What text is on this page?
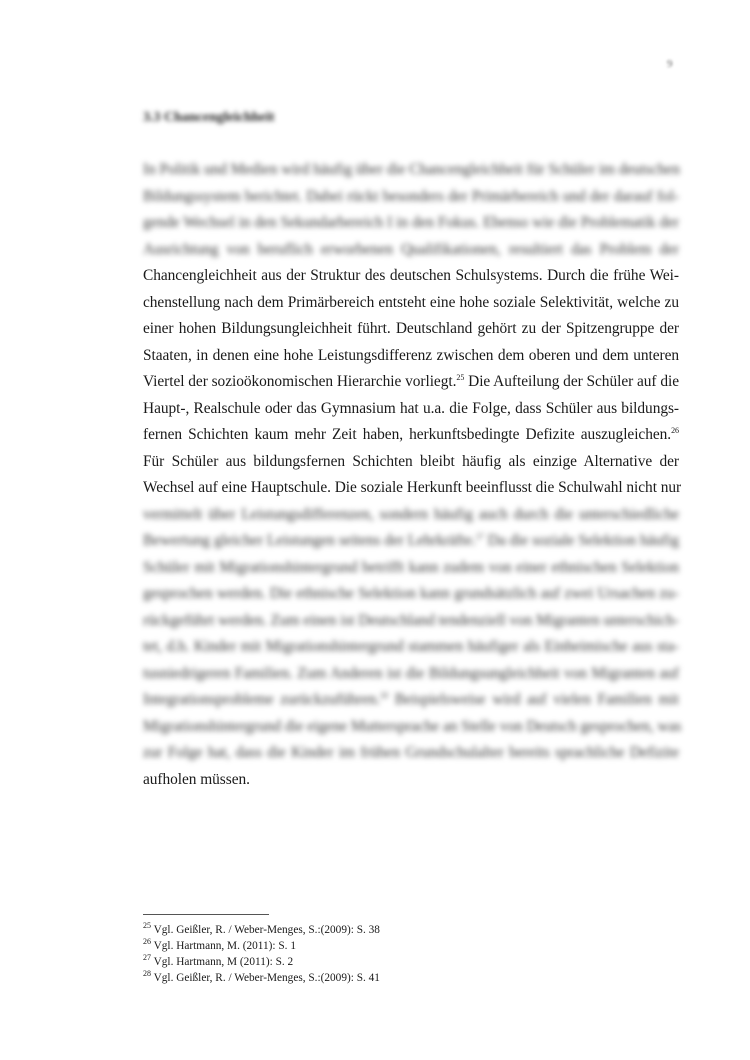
9
3.3 Chancengleichheit
In Politik und Medien wird häufig über die Chancengleichheit für Schüler im deutschen
Bildungssystem berichtet. Dabei rückt besonders der Primärbereich und der darauf fol-
gende Wechsel in den Sekundarbereich I in den Fokus. Ebenso wie die Problematik der
Ausrichtung von beruflich erworbenen Qualifikationen, resultiert das Problem der
Chancengleichheit aus der Struktur des deutschen Schulsystems. Durch die frühe Wei-
chenstellung nach dem Primärbereich entsteht eine hohe soziale Selektivität, welche zu
einer hohen Bildungsungleichheit führt. Deutschland gehört zu der Spitzengruppe der
Staaten, in denen eine hohe Leistungsdifferenz zwischen dem oberen und dem unteren
Viertel der sozioökonomischen Hierarchie vorliegt.$^{25}$ Die Aufteilung der Schüler auf die
Haupt-, Realschule oder das Gymnasium hat u.a. die Folge, dass Schüler aus bildungs-
fernen Schichten kaum mehr Zeit haben, herkunftsbedingte Defizite auszugleichen.$^{26}$
Für Schüler aus bildungsfernen Schichten bleibt häufig als einzige Alternative der
Wechsel auf eine Hauptschule. Die soziale Herkunft beeinflusst die Schulwahl nicht nur
vermittelt über Leistungsdifferenzen, sondern häufig auch durch die unterschiedliche
Bewertung gleicher Leistungen seitens der Lehrkräfte.$^{27}$ Da die soziale Selektion häufig
Schüler mit Migrationshintergrund betrifft kann zudem von einer ethnischen Selektion
gesprochen werden. Die ethnische Selektion kann grundsätzlich auf zwei Ursachen zu-
rückgeführt werden. Zum einen ist Deutschland tendenziell von Migranten unterschich-
tet, d.h. Kinder mit Migrationshintergrund stammen häufiger als Einheimische aus sta-
tusniedrigeren Familien. Zum Anderen ist die Bildungsungleichheit von Migranten auf
Integrationsprobleme zurückzuführen.$^{28}$ Beispielsweise wird auf vielen Familien mit
Migrationshintergrund die eigene Muttersprache an Stelle von Deutsch gesprochen, was
zur Folge hat, dass die Kinder im frühen Grundschulalter bereits sprachliche Defizite
aufholen müssen.
$^{25}$ Vgl. Geißler, R. / Weber-Menges, S.:(2009): S. 38
$^{26}$ Vgl. Hartmann, M. (2011): S. 1
$^{27}$ Vgl. Hartmann, M (2011): S. 2
$^{28}$ Vgl. Geißler, R. / Weber-Menges, S.:(2009): S. 41
